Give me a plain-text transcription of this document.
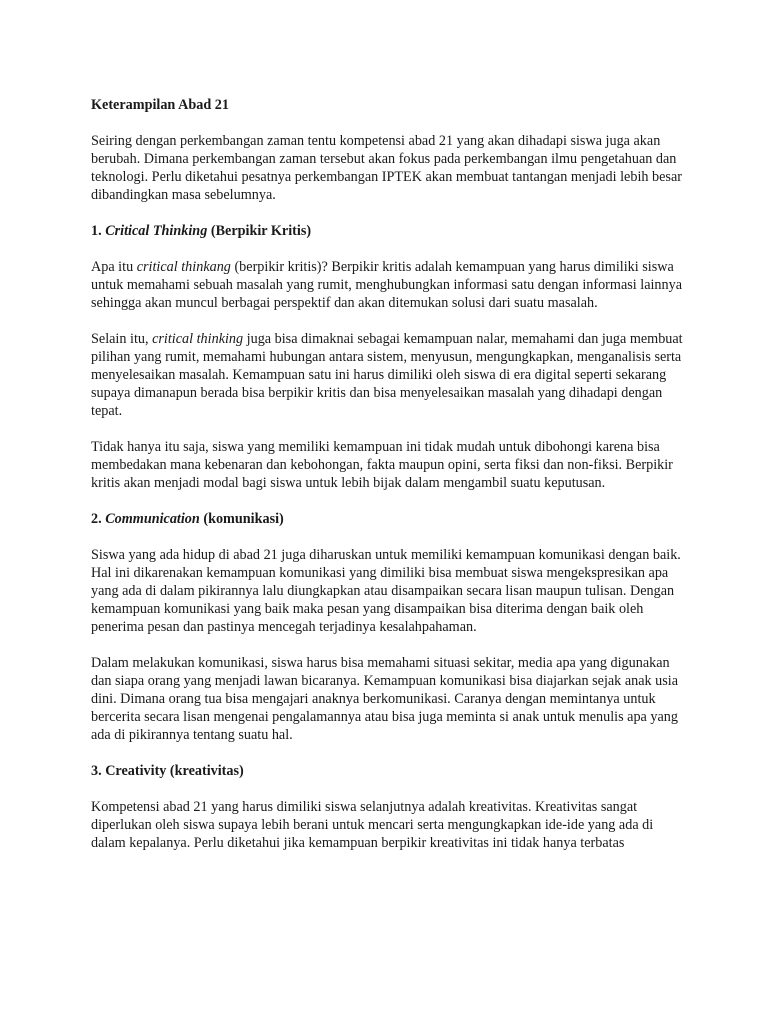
Keterampilan Abad 21

Seiring dengan perkembangan zaman tentu kompetensi abad 21 yang akan dihadapi siswa juga akan berubah. Dimana perkembangan zaman tersebut akan fokus pada perkembangan ilmu pengetahuan dan teknologi. Perlu diketahui pesatnya perkembangan IPTEK akan membuat tantangan menjadi lebih besar dibandingkan masa sebelumnya.

1. Critical Thinking (Berpikir Kritis)

Apa itu critical thinkang (berpikir kritis)? Berpikir kritis adalah kemampuan yang harus dimiliki siswa untuk memahami sebuah masalah yang rumit, menghubungkan informasi satu dengan informasi lainnya sehingga akan muncul berbagai perspektif dan akan ditemukan solusi dari suatu masalah.

Selain itu, critical thinking juga bisa dimaknai sebagai kemampuan nalar, memahami dan juga membuat pilihan yang rumit, memahami hubungan antara sistem, menyusun, mengungkapkan, menganalisis serta menyelesaikan masalah. Kemampuan satu ini harus dimiliki oleh siswa di era digital seperti sekarang supaya dimanapun berada bisa berpikir kritis dan bisa menyelesaikan masalah yang dihadapi dengan tepat.

Tidak hanya itu saja, siswa yang memiliki kemampuan ini tidak mudah untuk dibohongi karena bisa membedakan mana kebenaran dan kebohongan, fakta maupun opini, serta fiksi dan non-fiksi. Berpikir kritis akan menjadi modal bagi siswa untuk lebih bijak dalam mengambil suatu keputusan.

2. Communication (komunikasi)

Siswa yang ada hidup di abad 21 juga diharuskan untuk memiliki kemampuan komunikasi dengan baik. Hal ini dikarenakan kemampuan komunikasi yang dimiliki bisa membuat siswa mengekspresikan apa yang ada di dalam pikirannya lalu diungkapkan atau disampaikan secara lisan maupun tulisan. Dengan kemampuan komunikasi yang baik maka pesan yang disampaikan bisa diterima dengan baik oleh penerima pesan dan pastinya mencegah terjadinya kesalahpahaman.

Dalam melakukan komunikasi, siswa harus bisa memahami situasi sekitar, media apa yang digunakan dan siapa orang yang menjadi lawan bicaranya. Kemampuan komunikasi bisa diajarkan sejak anak usia dini. Dimana orang tua bisa mengajari anaknya berkomunikasi. Caranya dengan memintanya untuk bercerita secara lisan mengenai pengalamannya atau bisa juga meminta si anak untuk menulis apa yang ada di pikirannya tentang suatu hal.

3. Creativity (kreativitas)

Kompetensi abad 21 yang harus dimiliki siswa selanjutnya adalah kreativitas. Kreativitas sangat diperlukan oleh siswa supaya lebih berani untuk mencari serta mengungkapkan ide-ide yang ada di dalam kepalanya. Perlu diketahui jika kemampuan berpikir kreativitas ini tidak hanya terbatas
